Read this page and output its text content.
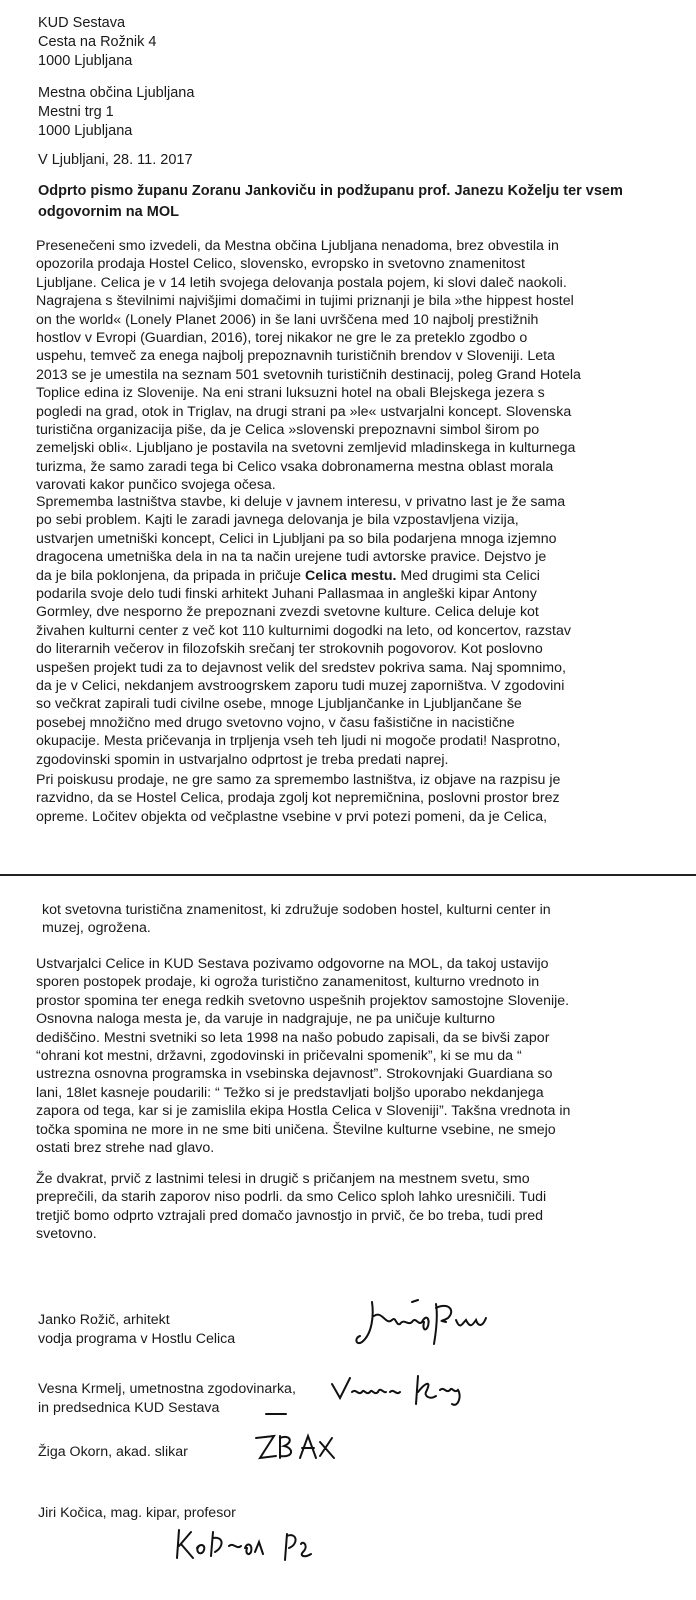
KUD Sestava
Cesta na Rožnik 4
1000 Ljubljana
Mestna občina Ljubljana
Mestni trg 1
1000 Ljubljana
V Ljubljani, 28. 11. 2017
Odprto pismo županu Zoranu Jankoviču in podžupanu prof. Janezu Koželju ter vsem
odgovornim na MOL
Presenečeni smo izvedeli, da Mestna občina Ljubljana nenadoma, brez obvestila in
opozorila prodaja Hostel Celico, slovensko, evropsko in svetovno znamenitost
Ljubljane. Celica je v 14 letih svojega delovanja postala pojem, ki slovi daleč naokoli.
Nagrajena s številnimi najvišjimi domačimi in tujimi priznanji je bila »the hippest hostel
on the world« (Lonely Planet 2006) in še lani uvrščena med 10 najbolj prestižnih
hostlov v Evropi (Guardian, 2016), torej nikakor ne gre le za preteklo zgodbo o
uspehu, temveč za enega najbolj prepoznavnih turističnih brendov v Sloveniji. Leta
2013 se je umestila na seznam 501 svetovnih turističnih destinacij, poleg Grand Hotela
Toplice edina iz Slovenije. Na eni strani luksuzni hotel na obali Blejskega jezera s
pogledi na grad, otok in Triglav, na drugi strani pa »le« ustvarjalni koncept. Slovenska
turistična organizacija piše, da je Celica »slovenski prepoznavni simbol širom po
zemeljski obli«. Ljubljano je postavila na svetovni zemljevid mladinskega in kulturnega
turizma, že samo zaradi tega bi Celico vsaka dobronamerna mestna oblast morala
varovati kakor punčico svojega očesa.
Sprememba lastništva stavbe, ki deluje v javnem interesu, v privatno last je že sama
po sebi problem. Kajti le zaradi javnega delovanja je bila vzpostavljena vizija,
ustvarjen umetniški koncept, Celici in Ljubljani pa so bila podarjena mnoga izjemno
dragocena umetniška dela in na ta način urejene tudi avtorske pravice. Dejstvo je
da je bila poklonjena, da pripada in pričuje Celica mestu. Med drugimi sta Celici
podarila svoje delo tudi finski arhitekt Juhani Pallasmaa in angleški kipar Antony
Gormley, dve nesporno že prepoznani zvezdi svetovne kulture. Celica deluje kot
živahen kulturni center z več kot 110 kulturnimi dogodki na leto, od koncertov, razstav
do literarnih večerov in filozofskih srečanj ter strokovnih pogovorov. Kot poslovno
uspešen projekt tudi za to dejavnost velik del sredstev pokriva sama. Naj spomnimo,
da je v Celici, nekdanjem avstroogrskem zaporu tudi muzej zaporništva. V zgodovini
so večkrat zapirali tudi civilne osebe, mnoge Ljubljančanke in Ljubljančane še
posebej množično med drugo svetovno vojno, v času fašistične in nacistične
okupacije. Mesta pričevanja in trpljenja vseh teh ljudi ni mogoče prodati! Nasprotno,
zgodovinski spomin in ustvarjalno odprtost je treba predati naprej.
Pri poiskusu prodaje, ne gre samo za spremembo lastništva, iz objave na razpisu je
razvidno, da se Hostel Celica, prodaja zgolj kot nepremičnina, poslovni prostor brez
opreme. Ločitev objekta od večplastne vsebine v prvi potezi pomeni, da je Celica,
kot svetovna turistična znamenitost, ki združuje sodoben hostel, kulturni center in
muzej, ogrožena.
Ustvarjalci Celice in KUD Sestava pozivamo odgovorne na MOL, da takoj ustavijo
sporen postopek prodaje, ki ogroža turistično zanamenitost, kulturno vrednoto in
prostor spomina ter enega redkih svetovno uspešnih projektov samostojne Slovenije.
Osnovna naloga mesta je, da varuje in nadgrajuje, ne pa uničuje kulturno
dediščino. Mestni svetniki so leta 1998 na našo pobudo zapisali, da se bivši zapor
“ohrani kot mestni, državni, zgodovinski in pričevalni spomenik”, ki se mu da “
ustrezna osnovna programska in vsebinska dejavnost”. Strokovnjaki Guardiana so
lani, 18let kasneje poudarili: “ Težko si je predstavljati boljšo uporabo nekdanjega
zapora od tega, kar si je zamislila ekipa Hostla Celica v Sloveniji”. Takšna vrednota in
točka spomina ne more in ne sme biti uničena. Številne kulturne vsebine, ne smejo
ostati brez strehe nad glavo.
Že dvakrat, prvič z lastnimi telesi in drugič s pričanjem na mestnem svetu, smo
preprečili, da starih zaporov niso podrli. da smo Celico sploh lahko uresničili. Tudi
tretjič bomo odprto vztrajali pred domačo javnostjo in prvič, če bo treba, tudi pred
svetovno.
Janko Rožič, arhitekt
vodja programa v Hostlu Celica
Vesna Krmelj, umetnostna zgodovinarka,
in predsednica KUD Sestava
Žiga Okorn, akad. slikar
Jiri Kočica, mag. kipar, profesor
